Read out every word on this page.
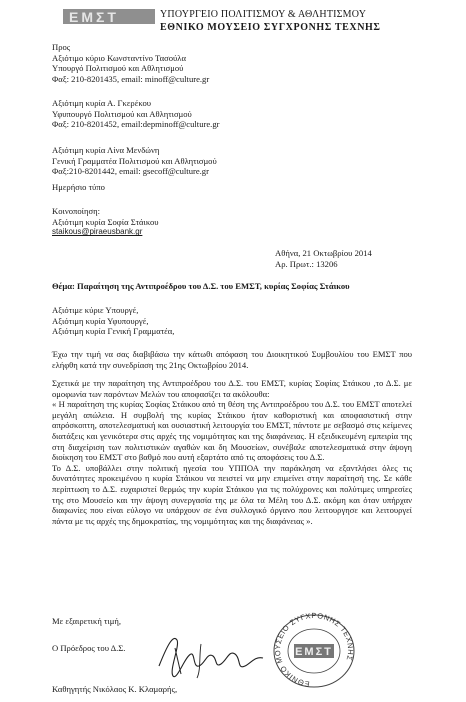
ΕΜΣΤ	ΥΠΟΥΡΓΕΙΟ ΠΟΛΙΤΙΣΜΟΥ & ΑΘΛΗΤΙΣΜΟΥ
ΕΘΝΙΚΟ ΜΟΥΣΕΙΟ ΣΥΓΧΡΟΝΗΣ ΤΕΧΝΗΣ
Προς
Αξιότιμο κύριο Κωνσταντίνο Τασούλα
Υπουργό Πολιτισμού και Αθλητισμού
Φαξ: 210-8201435, email: minoff@culture.gr
Αξιότιμη κυρία Α. Γκερέκου
Υφυπουργό Πολιτισμού και Αθλητισμού
Φαξ: 210-8201452, email:depminoff@culture.gr
Αξιότιμη κυρία Λίνα Μενδώνη
Γενική Γραμματέα Πολιτισμού και Αθλητισμού
Φαξ:210-8201442, email: gsecoff@culture.gr
Ημερήσιο τύπο
Κοινοποίηση:
Αξιότιμη κυρία Σοφία Στάικου
staikous@piraeusbank.gr
Αθήνα, 21 Οκτωβρίου 2014
Αρ. Πρωτ.: 13206
Θέμα: Παραίτηση της Αντιπροέδρου του Δ.Σ. του ΕΜΣΤ, κυρίας Σοφίας Στάικου
Αξιότιμε κύριε Υπουργέ,
Αξιότιμη κυρία Υφυπουργέ,
Αξιότιμη κυρία Γενική Γραμματέα,

Έχω την τιμή να σας διαβιβάσω την κάτωθι απόφαση του Διοικητικού Συμβουλίου του ΕΜΣΤ που ελήφθη κατά την συνεδρίαση της 21ης Οκτωβρίου 2014.

Σχετικά με την παραίτηση της Αντιπροέδρου του Δ.Σ. του ΕΜΣΤ, κυρίας Σοφίας Στάικου ,το Δ.Σ. με ομοφωνία των παρόντων Μελών του αποφασίζει τα ακόλουθα:

« Η παραίτηση της κυρίας Σοφίας Στάικου από τη θέση της Αντιπροέδρου του Δ.Σ. του ΕΜΣΤ αποτελεί μεγάλη απώλεια. Η συμβολή της κυρίας Στάικου ήταν καθοριστική και αποφασιστική στην απρόσκοπτη, αποτελεσματική και ουσιαστική λειτουργία του ΕΜΣΤ, πάντοτε με σεβασμό στις κείμενες διατάξεις και γενικότερα στις αρχές της νομιμότητας και της διαφάνειας. Η εξειδικευμένη εμπειρία της στη διαχείριση των πολιτιστικών αγαθών και δη Μουσείων, συνέβαλε αποτελεσματικά στην άψογη διοίκηση του ΕΜΣΤ στο βαθμό που αυτή εξαρτάτο από τις αποφάσεις του Δ.Σ.

Το Δ.Σ. υποβάλλει στην πολιτική ηγεσία του ΥΠΠΟΑ την παράκληση να εξαντλήσει όλες τις δυνατότητες προκειμένου η κυρία Στάικου να πειστεί να μην επιμείνει στην παραίτησή της. Σε κάθε περίπτωση το Δ.Σ. ευχαριστεί θερμώς την κυρία Στάικου για τις πολύχρονες και πολύτιμες υπηρεσίες της στο Μουσείο και την άψογη συνεργασία της με όλα τα Μέλη του Δ.Σ. ακόμη και όταν υπήρχαν διαφωνίες που είναι εύλογο να υπάρχουν σε ένα συλλογικό όργανο που λειτουργησε και λειτουργεί πάντα με τις αρχές της δημοκρατίας, της νομιμότητας και της διαφάνειας ».

Με εξαιρετική τιμή,
Ο Πρόεδρος του Δ.Σ.
Καθηγητής Νικόλαος Κ. Κλαμαρής,
ΕΘΝΙΚΟ ΜΟΥΣΕΙΟ ΣΥΓΧΡΟΝΗΣ ΤΕΧΝΗΣ
ΕΜΣΤ
